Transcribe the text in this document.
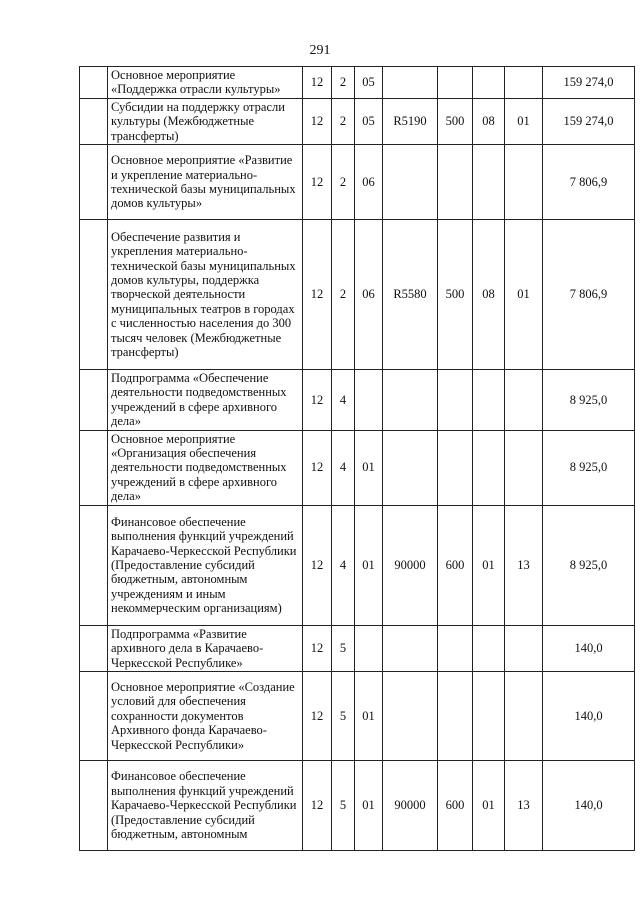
291
	Основное мероприятие «Поддержка отрасли культуры»	12	2	05					159 274,0
	Субсидии на поддержку отрасли культуры (Межбюджетные трансферты)	12	2	05	R5190	500	08	01	159 274,0
	Основное мероприятие «Развитие и укрепление материально-технической базы муниципальных домов культуры»	12	2	06					7 806,9
	Обеспечение развития и укрепления материально-технической базы муниципальных домов культуры, поддержка творческой деятельности муниципальных театров в городах с численностью населения до 300 тысяч человек (Межбюджетные трансферты)	12	2	06	R5580	500	08	01	7 806,9
	Подпрограмма «Обеспечение деятельности подведомственных учреждений в сфере архивного дела»	12	4						8 925,0
	Основное мероприятие «Организация обеспечения деятельности подведомственных учреждений в сфере архивного дела»	12	4	01					8 925,0
	Финансовое обеспечение выполнения функций учреждений Карачаево-Черкесской Республики (Предоставление субсидий бюджетным, автономным учреждениям и иным некоммерческим организациям)	12	4	01	90000	600	01	13	8 925,0
	Подпрограмма «Развитие архивного дела в Карачаево-Черкесской Республике»	12	5						140,0
	Основное мероприятие «Создание условий для обеспечения сохранности документов Архивного фонда Карачаево-Черкесской Республики»	12	5	01					140,0
	Финансовое обеспечение выполнения функций учреждений Карачаево-Черкесской Республики (Предоставление субсидий бюджетным, автономным	12	5	01	90000	600	01	13	140,0
